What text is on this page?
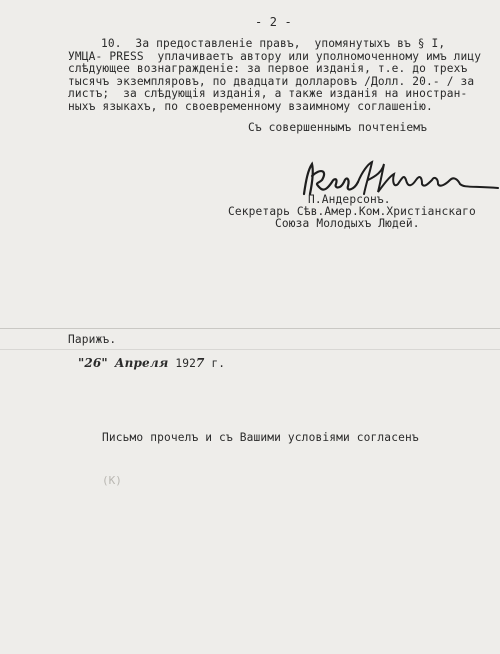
- 2 -
10.  За предоставленiе правъ,  упомянутыхъ въ § I,
УМЦА- PRESS  уплачиваетъ автору или уполномоченному имъ лицу
слѣдующее вознагражденiе: за первое изданiя, т.е. до трехъ
тысячъ экземпляровъ, по двадцати долларовъ /Долл. 20.- / за
листъ;  за слѣдующiя изданiя, а также изданiя на иностран-
ныхъ языкахъ, по своевременному взаимному соглашенiю.
Съ совершеннымъ почтенiемъ
П.Андерсонъ.
Секретарь Сѣв.Амер.Ком.Христiанскаго
Союза Молодыхъ Людей.
Парижъ.
"26" Апреля 1927 г.
Письмо прочелъ и съ Вашими условiями согласенъ
(K)
